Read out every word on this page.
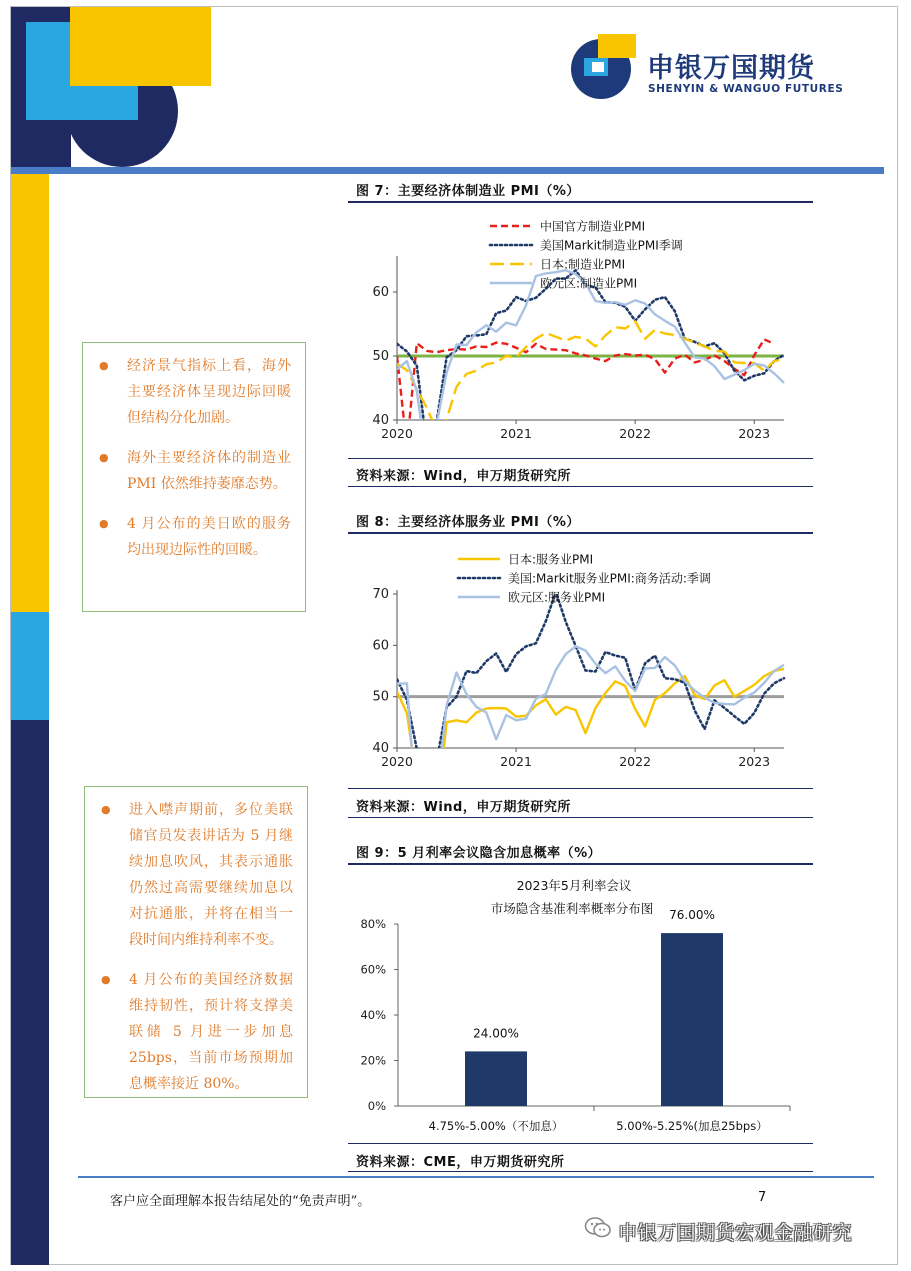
申银万国期货
SHENYIN & WANGUO FUTURES
● 经济景气指标上看，海外主要经济体呈现边际回暖但结构分化加剧。
● 海外主要经济体的制造业 PMI 依然维持萎靡态势。
● 4 月公布的美日欧的服务均出现边际性的回暖。
● 进入噤声期前，多位美联储官员发表讲话为 5 月继续加息吹风，其表示通胀仍然过高需要继续加息以对抗通胀，并将在相当一段时间内维持利率不变。
● 4 月公布的美国经济数据维持韧性，预计将支撑美联储 5 月进一步加息 25bps，当前市场预期加息概率接近 80%。
图 7：主要经济体制造业 PMI（%）
40
50
60
2020	2021	2022	2023
中国官方制造业PMI
美国Markit制造业PMI季调
日本:制造业PMI
欧元区:制造业PMI
资料来源：Wind，申万期货研究所
图 8：主要经济体服务业 PMI（%）
40
50
60
70
2020	2021	2022	2023
日本:服务业PMI
美国:Markit服务业PMI:商务活动:季调
欧元区:服务业PMI
资料来源：Wind，申万期货研究所
图 9：5 月利率会议隐含加息概率（%）
2023年5月利率会议
市场隐含基准利率概率分布图
0%
20%
40%
60%
80%
24.00%
4.75%-5.00%（不加息）
76.00%
5.00%-5.25%(加息25bps）
资料来源：CME，申万期货研究所
客户应全面理解本报告结尾处的“免责声明”。	7
申银万国期货宏观金融研究
